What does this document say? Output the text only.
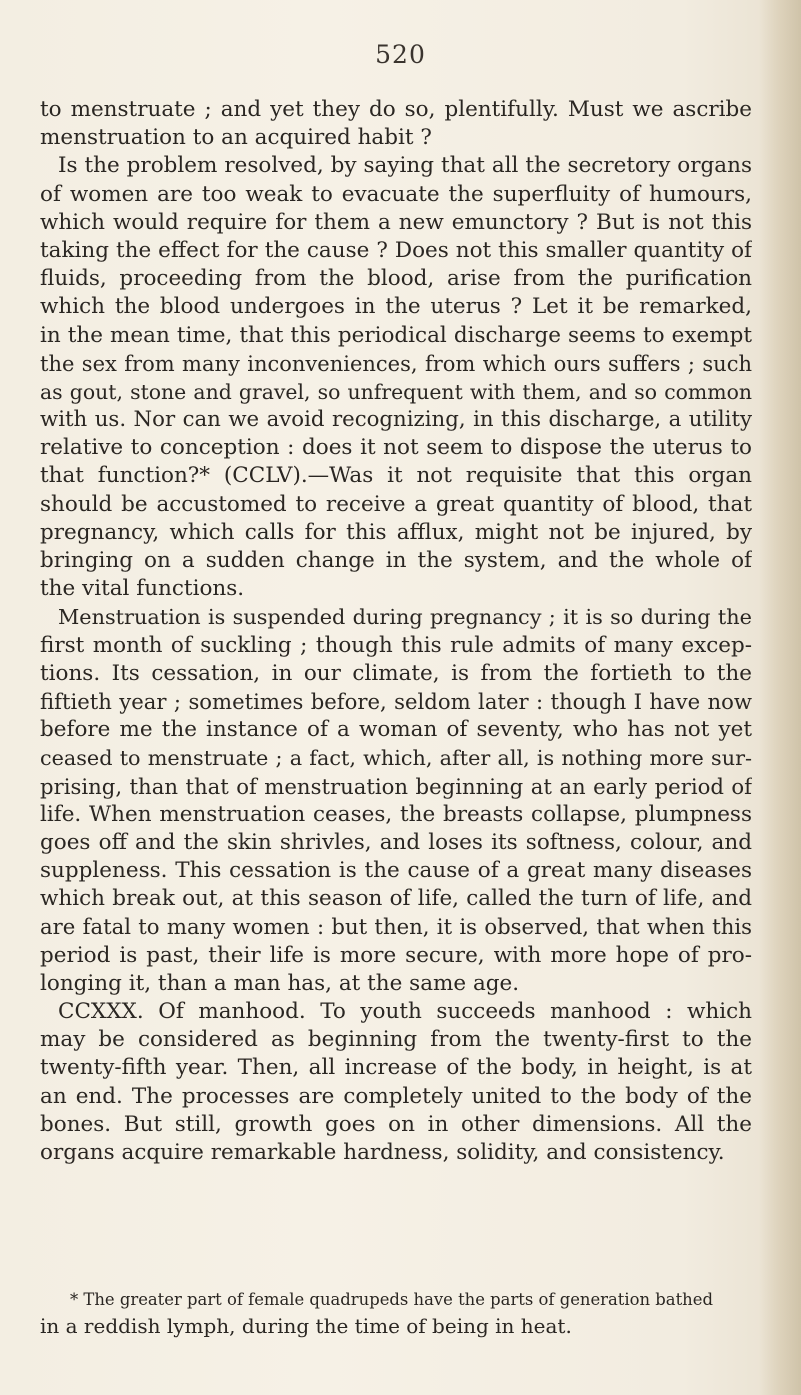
520
to menstruate ; and yet they do so, plentifully. Must we ascribe
menstruation to an acquired habit ?
Is the problem resolved, by saying that all the secretory organs
of women are too weak to evacuate the superfluity of humours,
which would require for them a new emunctory ? But is not this
taking the effect for the cause ? Does not this smaller quantity of
fluids, proceeding from the blood, arise from the purification
which the blood undergoes in the uterus ? Let it be remarked,
in the mean time, that this periodical discharge seems to exempt
the sex from many inconveniences, from which ours suffers ; such
as gout, stone and gravel, so unfrequent with them, and so common
with us. Nor can we avoid recognizing, in this discharge, a utility
relative to conception : does it not seem to dispose the uterus to
that function?* (CCLV).—Was it not requisite that this organ
should be accustomed to receive a great quantity of blood, that
pregnancy, which calls for this afflux, might not be injured, by
bringing on a sudden change in the system, and the whole of
the vital functions.
Menstruation is suspended during pregnancy ; it is so during the
first month of suckling ; though this rule admits of many excep-
tions. Its cessation, in our climate, is from the fortieth to the
fiftieth year ; sometimes before, seldom later : though I have now
before me the instance of a woman of seventy, who has not yet
ceased to menstruate ; a fact, which, after all, is nothing more sur-
prising, than that of menstruation beginning at an early period of
life. When menstruation ceases, the breasts collapse, plumpness
goes off and the skin shrivles, and loses its softness, colour, and
suppleness. This cessation is the cause of a great many diseases
which break out, at this season of life, called the turn of life, and
are fatal to many women : but then, it is observed, that when this
period is past, their life is more secure, with more hope of pro-
longing it, than a man has, at the same age.
CCXXX. Of manhood. To youth succeeds manhood : which
may be considered as beginning from the twenty-first to the
twenty-fifth year. Then, all increase of the body, in height, is at
an end. The processes are completely united to the body of the
bones. But still, growth goes on in other dimensions. All the
organs acquire remarkable hardness, solidity, and consistency.
* The greater part of female quadrupeds have the parts of generation bathed
in a reddish lymph, during the time of being in heat.
